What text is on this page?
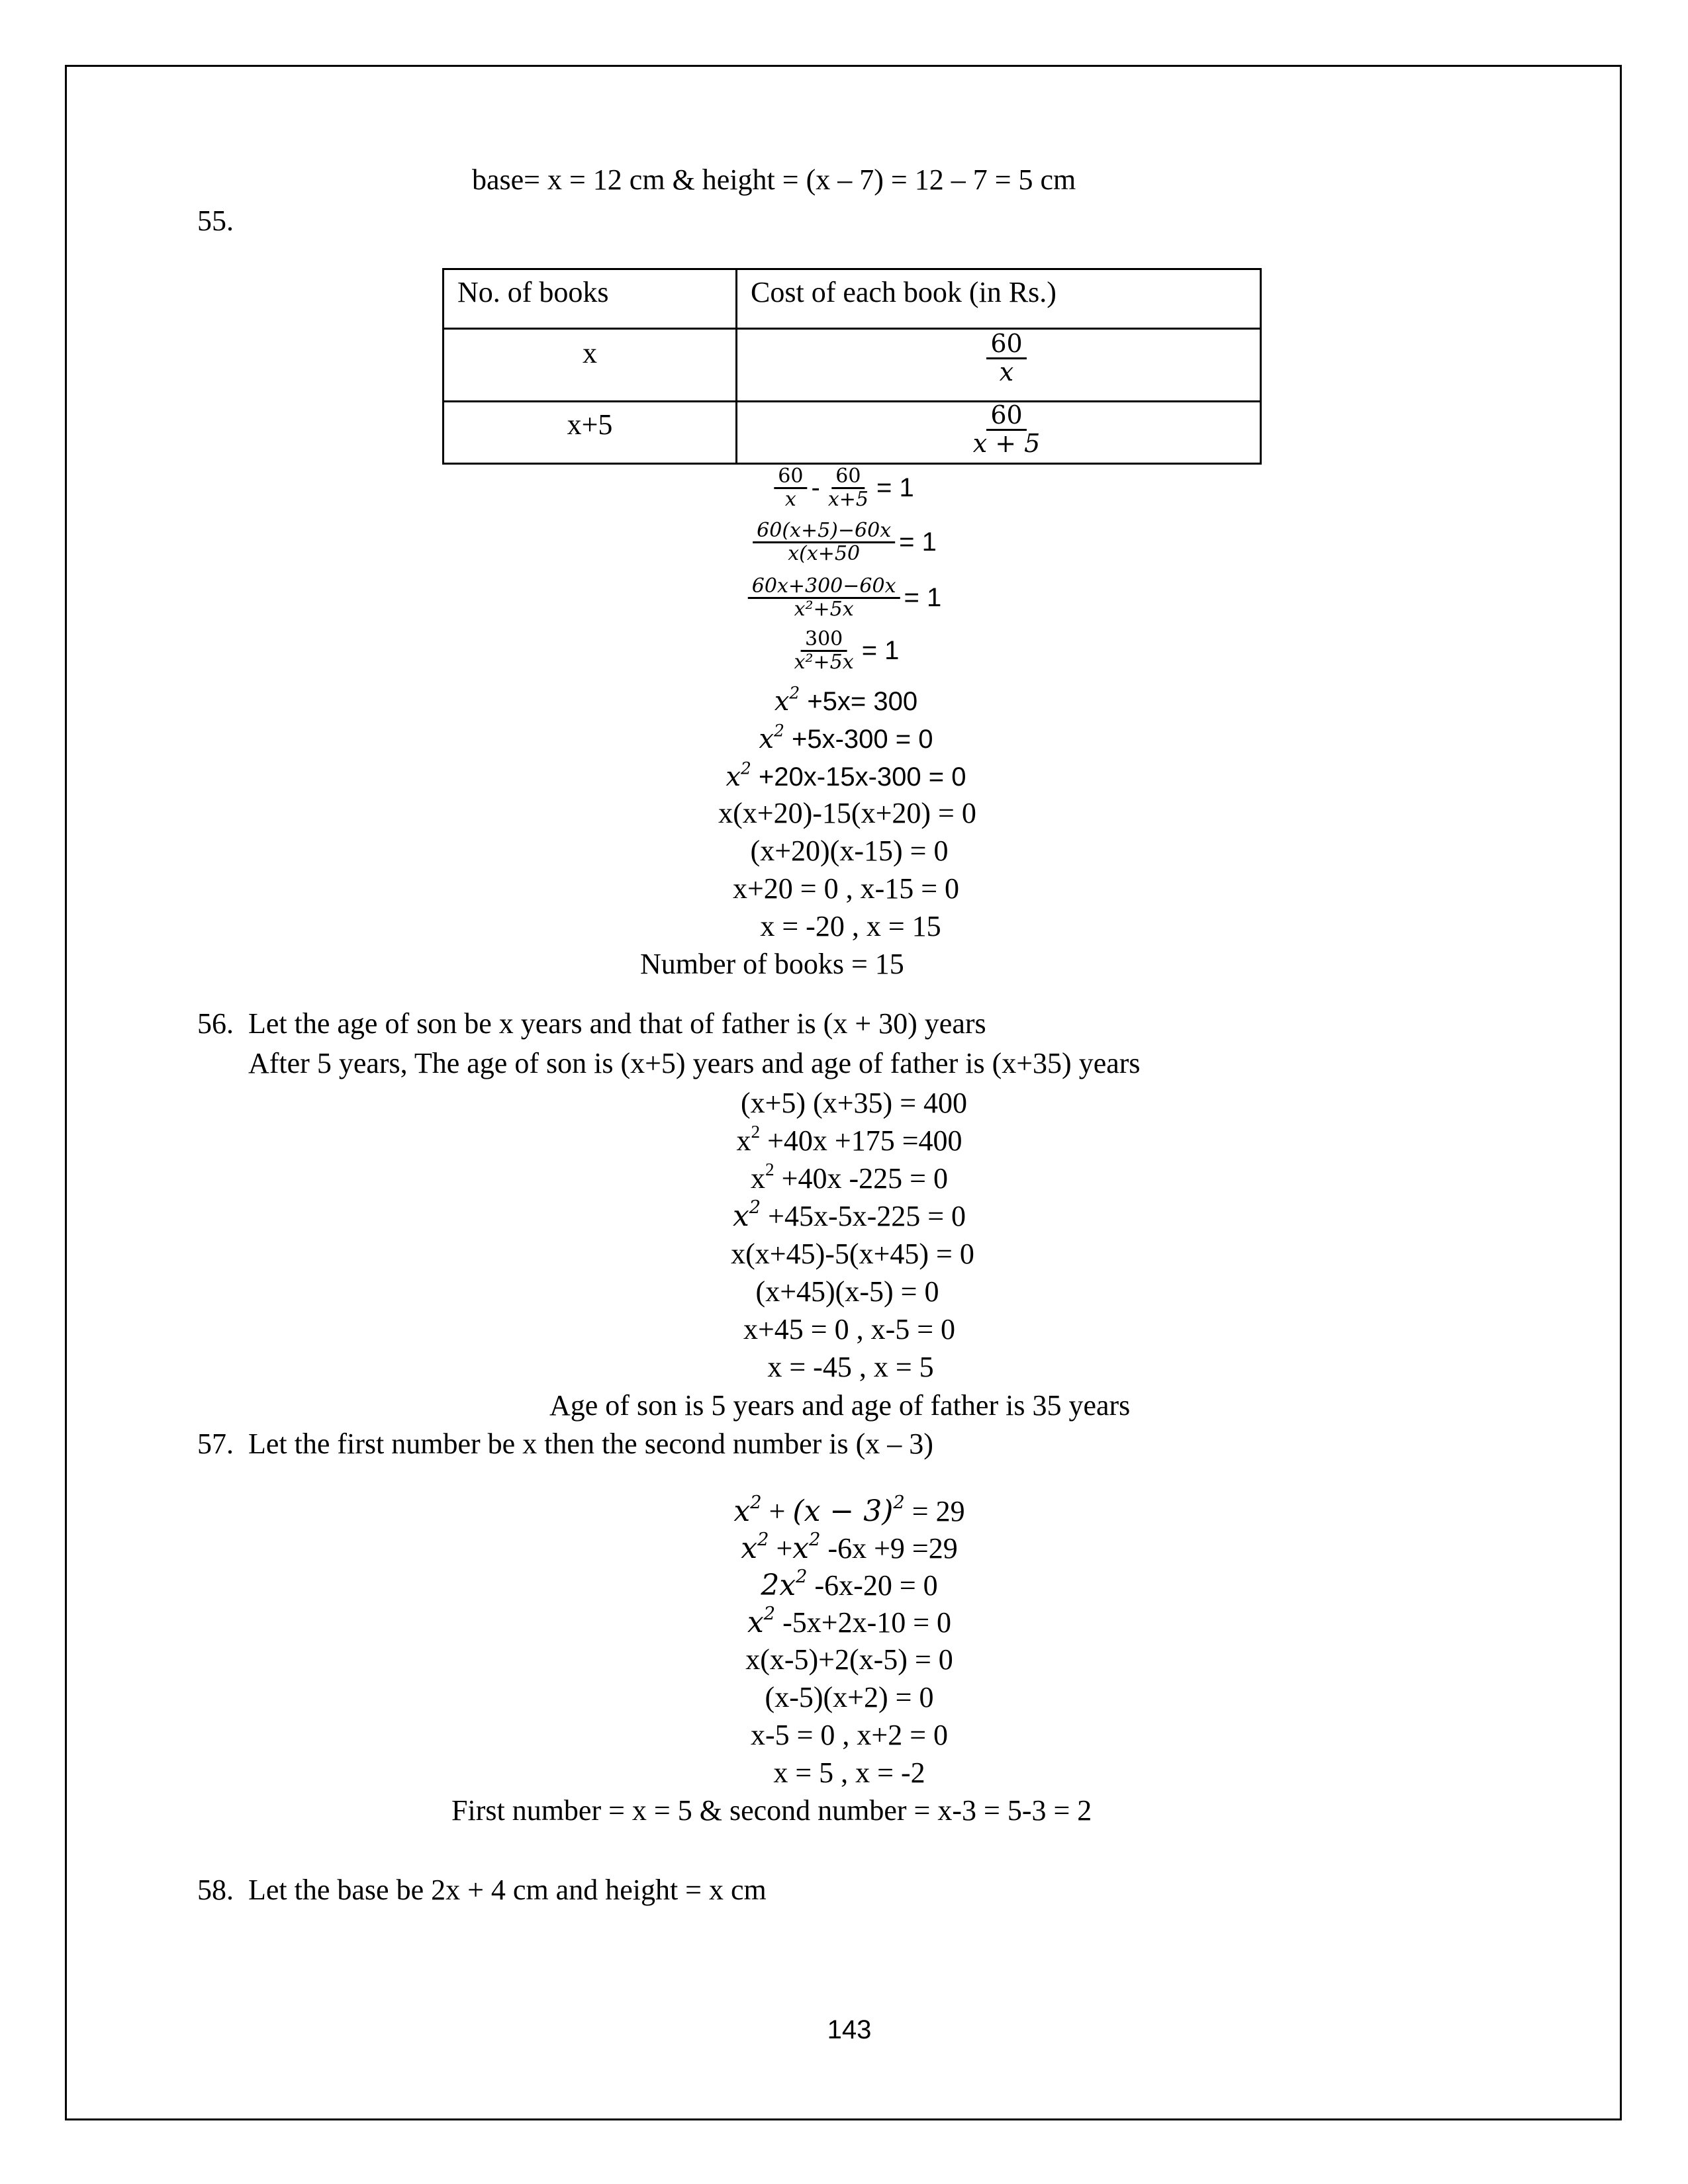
base= x = 12 cm & height = (x – 7) = 12 – 7 = 5 cm
55.
No. of books	Cost of each book (in Rs.)

x	$\frac{60}{x}$

x+5	$\frac{60}{x + 5}$
$\frac{60}{x} - \frac{60}{x+5} = 1$
$\frac{60(x+5)-60x}{x(x+50} = 1$
$\frac{60x+300-60x}{\text{x²+5x}} = 1$
$\frac{300}{\text{x²+5x}} = 1$
$x^2 +5x= 300$
$x^2 +5x-300 = 0$
$x^2 +20x-15x-300 = 0$
x(x+20)-15(x+20) = 0
(x+20)(x-15) = 0
x+20 = 0 , x-15 = 0
x = -20 , x = 15
Number of books = 15
56. Let the age of son be x years and that of father is (x + 30) years
After 5 years, The age of son is (x+5) years and age of father is (x+35) years
(x+5) (x+35) = 400
$x^2 +40x +175 =400$
$x^2 +40x$ -225 = 0
$x^2 +45x-5x-225 = 0$
x(x+45)-5(x+45) = 0
(x+45)(x-5) = 0
x+45 = 0 , x-5 = 0
x = -45 , x = 5
Age of son is 5 years and age of father is 35 years
57. Let the first number be x then the second number is (x – 3)
$x^2 + (x - 3)^2 = 29$
$x^2 +x^2$ -6x +9 =29
$2x^2$ -6x-20 = 0
$x^2$ -5x+2x-10 = 0
x(x-5)+2(x-5) = 0
(x-5)(x+2) = 0
x-5 = 0 , x+2 = 0
x = 5 , x = -2
First number = x = 5 & second number = x-3 = 5-3 = 2
58. Let the base be 2x + 4 cm and height = x cm
143
